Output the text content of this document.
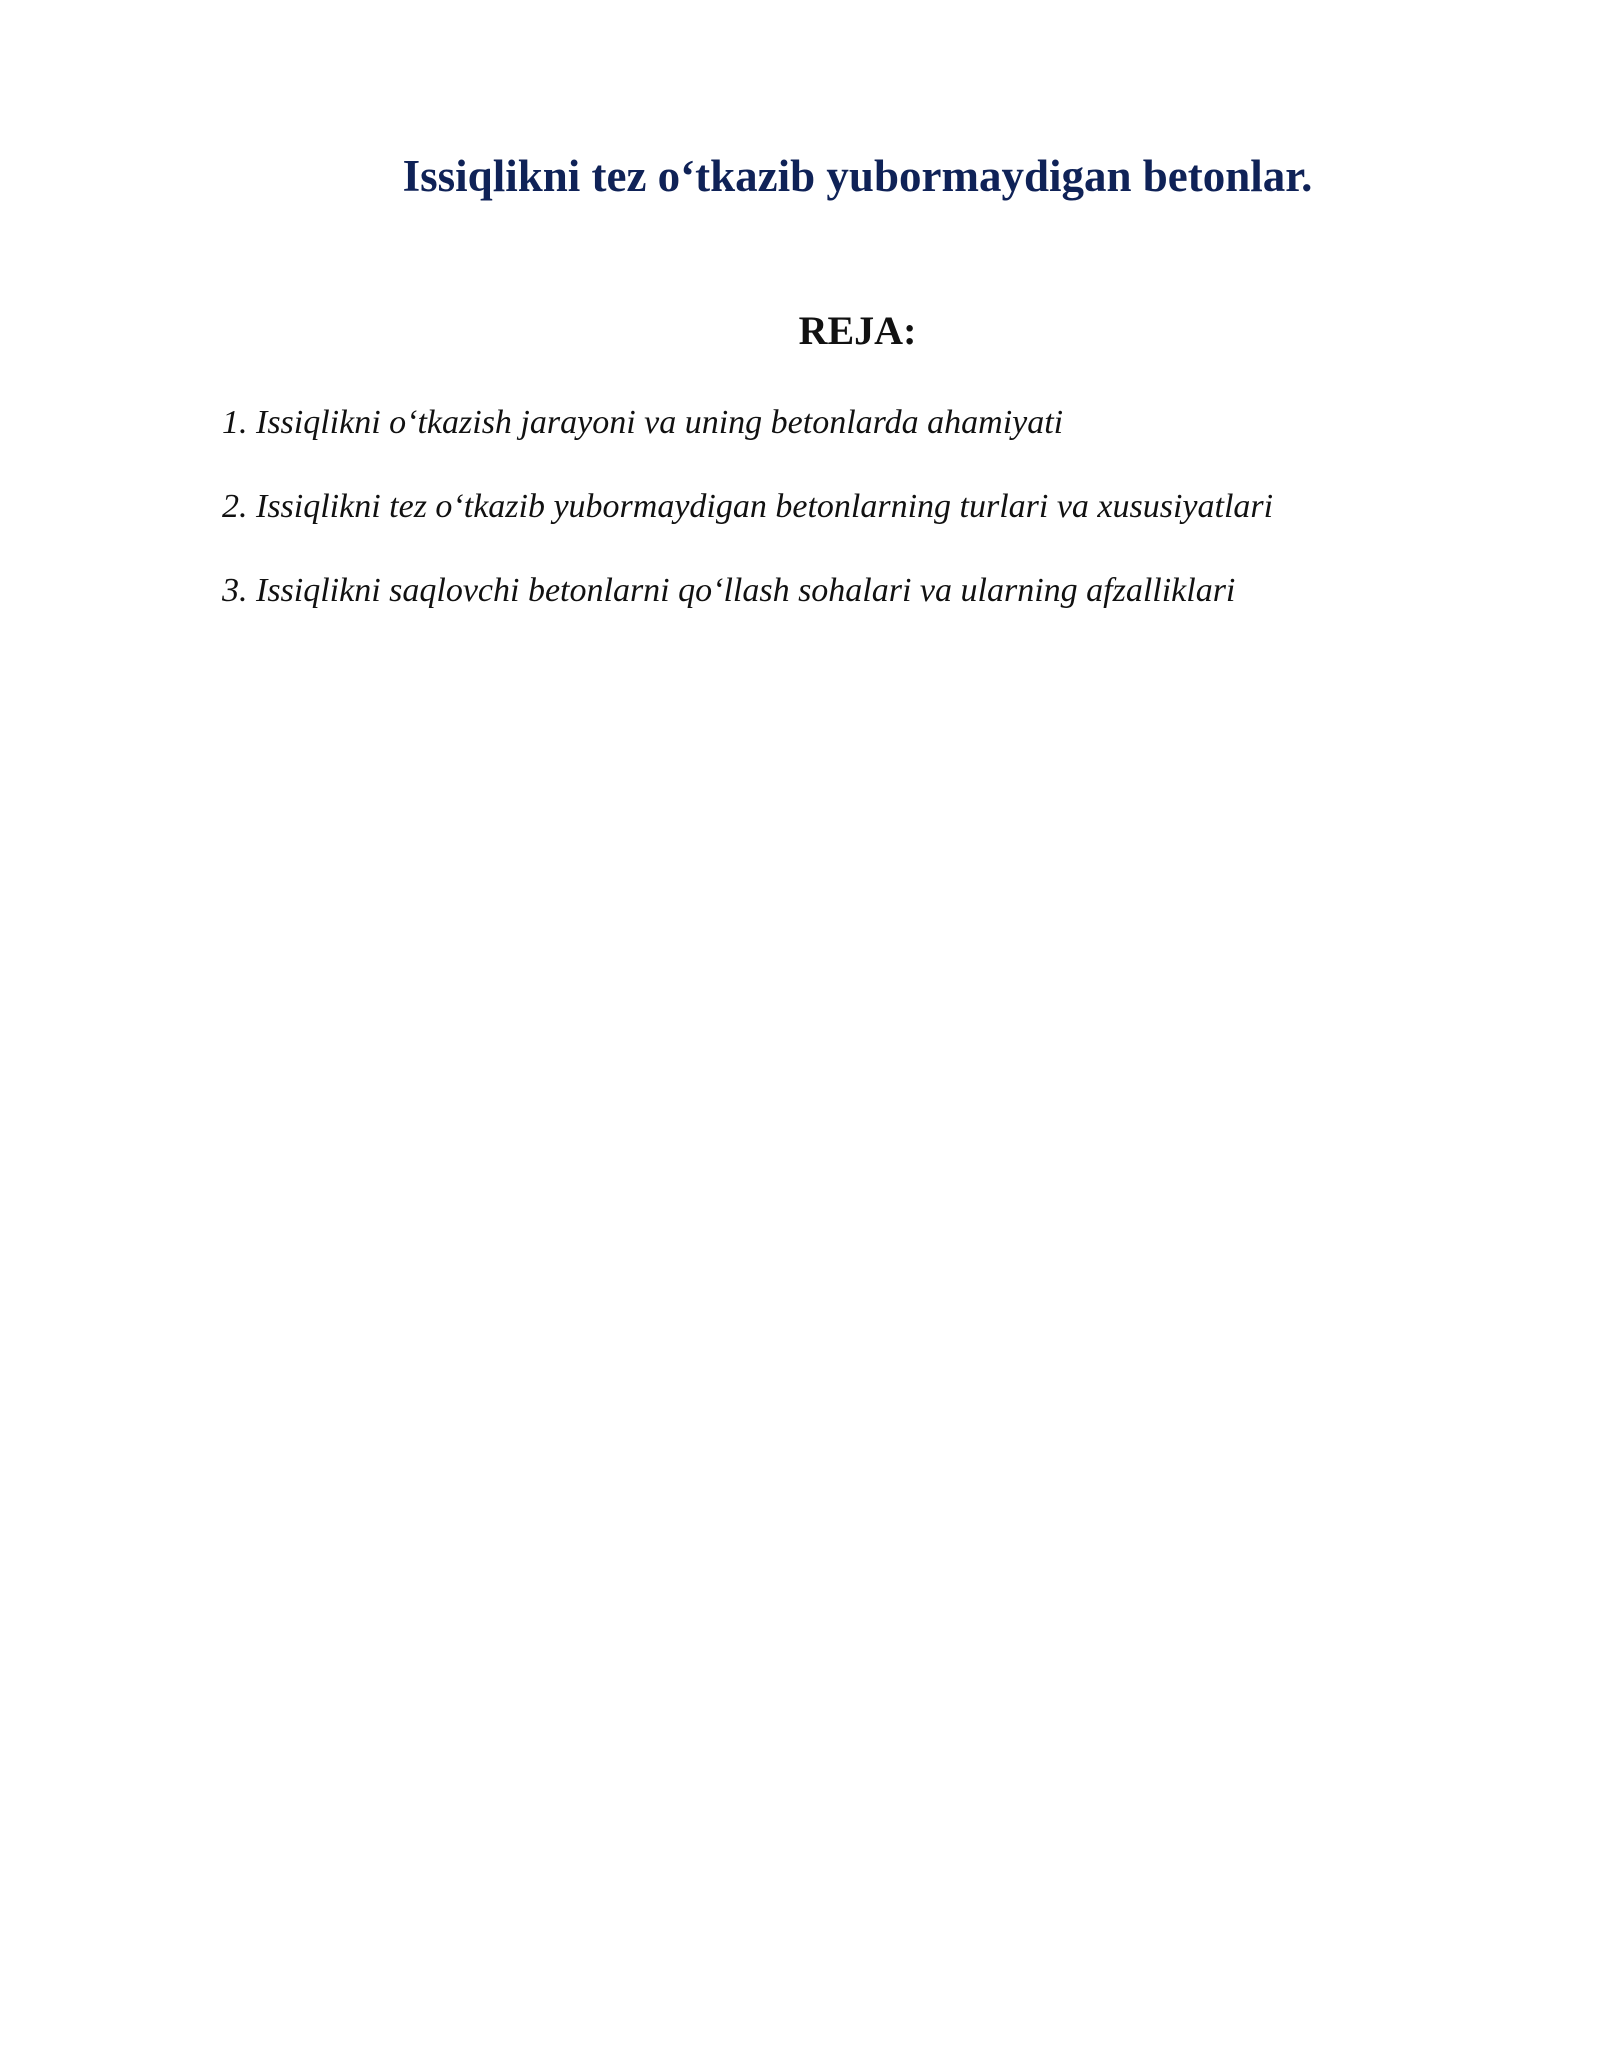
Issiqlikni tez o‘tkazib yubormaydigan betonlar.
REJA:
1. Issiqlikni o‘tkazish jarayoni va uning betonlarda ahamiyati
2. Issiqlikni tez o‘tkazib yubormaydigan betonlarning turlari va xususiyatlari
3. Issiqlikni saqlovchi betonlarni qo‘llash sohalari va ularning afzalliklari
